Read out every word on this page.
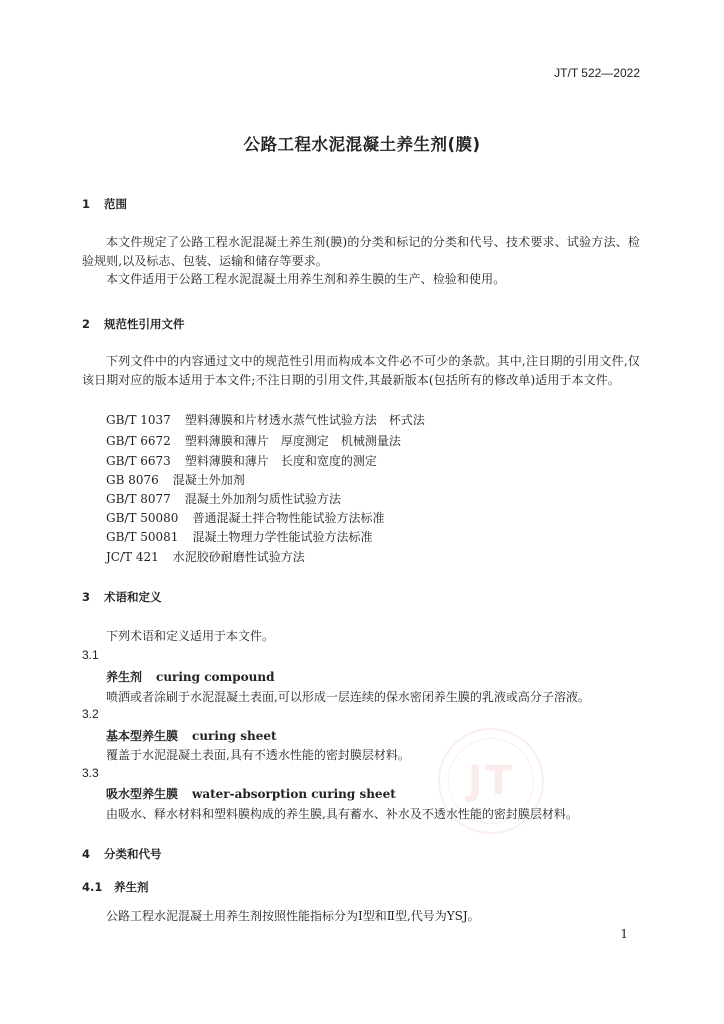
JT/T 522—2022
公路工程水泥混凝土养生剂(膜)
1 范围
本文件规定了公路工程水泥混凝土养生剂(膜)的分类和标记的分类和代号、技术要求、试验方法、检验规则,以及标志、包装、运输和储存等要求。
本文件适用于公路工程水泥混凝土用养生剂和养生膜的生产、检验和使用。
2 规范性引用文件
下列文件中的内容通过文中的规范性引用而构成本文件必不可少的条款。其中,注日期的引用文件,仅该日期对应的版本适用于本文件;不注日期的引用文件,其最新版本(包括所有的修改单)适用于本文件。
GB/T 1037 塑料薄膜和片材透水蒸气性试验方法　杯式法
GB/T 6672 塑料薄膜和薄片　厚度测定　机械测量法
GB/T 6673 塑料薄膜和薄片　长度和宽度的测定
GB 8076 混凝土外加剂
GB/T 8077 混凝土外加剂匀质性试验方法
GB/T 50080 普通混凝土拌合物性能试验方法标准
GB/T 50081 混凝土物理力学性能试验方法标准
JC/T 421 水泥胶砂耐磨性试验方法
3 术语和定义
下列术语和定义适用于本文件。
3.1
养生剂 curing compound
喷洒或者涂刷于水泥混凝土表面,可以形成一层连续的保水密闭养生膜的乳液或高分子溶液。
3.2
基本型养生膜 curing sheet
覆盖于水泥混凝土表面,具有不透水性能的密封膜层材料。
3.3
吸水型养生膜 water-absorption curing sheet
由吸水、释水材料和塑料膜构成的养生膜,具有蓄水、补水及不透水性能的密封膜层材料。
4 分类和代号
4.1 养生剂
公路工程水泥混凝土用养生剂按照性能指标分为Ⅰ型和Ⅱ型,代号为YSJ。
JT
1
